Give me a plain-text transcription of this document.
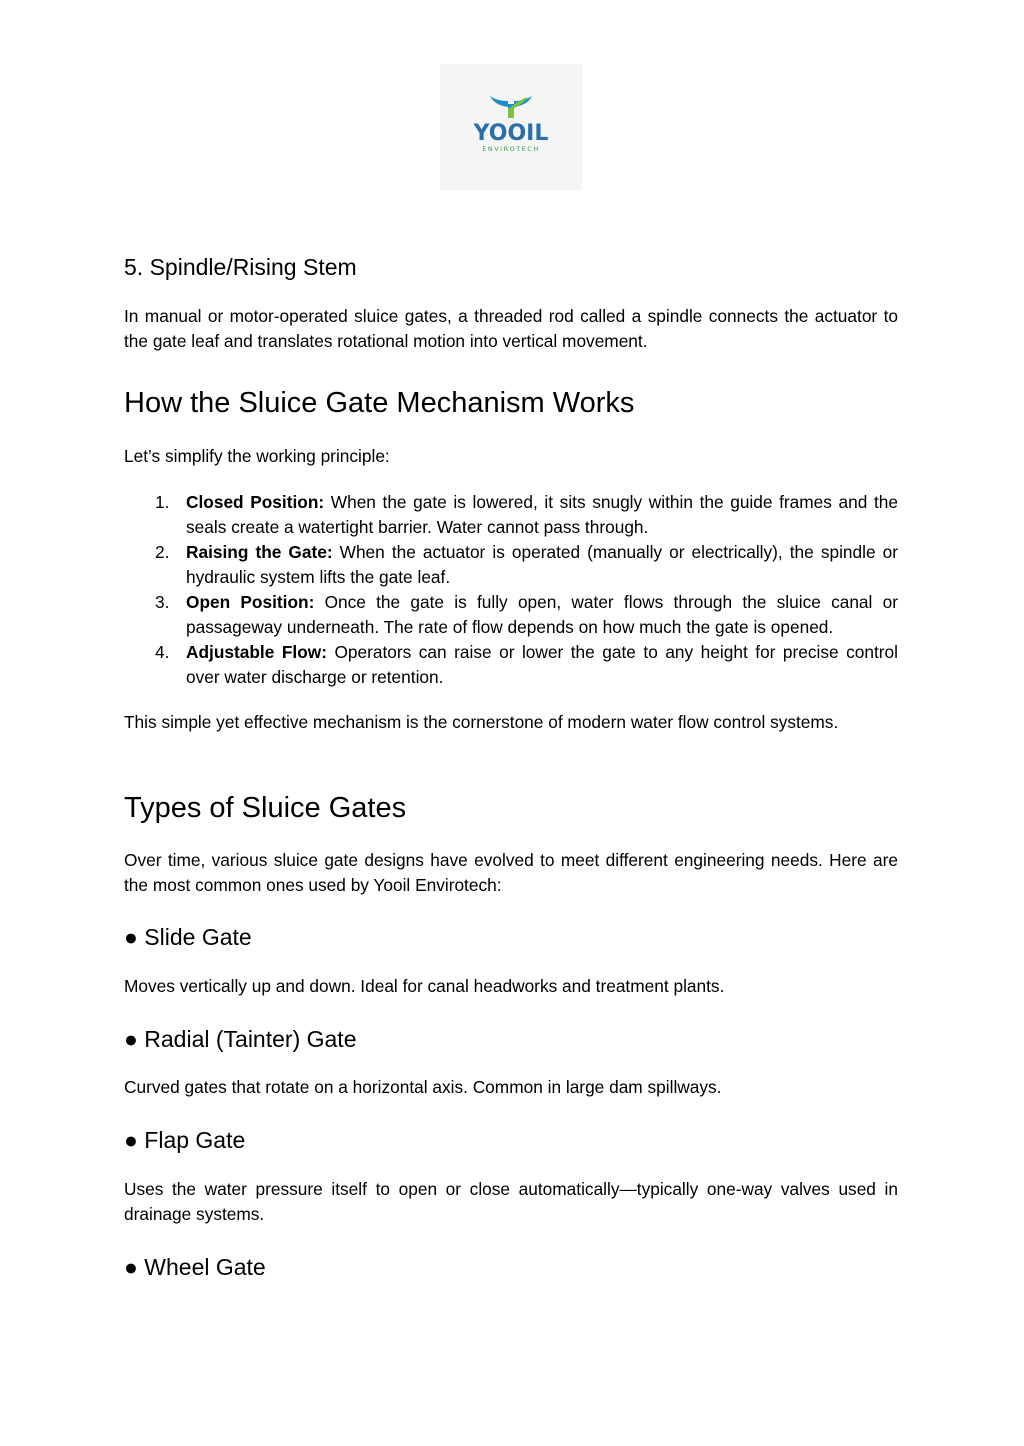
YOOIL
ENVIROTECH
5. Spindle/Rising Stem

In manual or motor-operated sluice gates, a threaded rod called a spindle connects the actuator to the gate leaf and translates rotational motion into vertical movement.

How the Sluice Gate Mechanism Works

Let’s simplify the working principle:

1. Closed Position: When the gate is lowered, it sits snugly within the guide frames and the seals create a watertight barrier. Water cannot pass through.
2. Raising the Gate: When the actuator is operated (manually or electrically), the spindle or hydraulic system lifts the gate leaf.
3. Open Position: Once the gate is fully open, water flows through the sluice canal or passageway underneath. The rate of flow depends on how much the gate is opened.
4. Adjustable Flow: Operators can raise or lower the gate to any height for precise control over water discharge or retention.

This simple yet effective mechanism is the cornerstone of modern water flow control systems.

Types of Sluice Gates

Over time, various sluice gate designs have evolved to meet different engineering needs. Here are the most common ones used by Yooil Envirotech:

● Slide Gate

Moves vertically up and down. Ideal for canal headworks and treatment plants.

● Radial (Tainter) Gate

Curved gates that rotate on a horizontal axis. Common in large dam spillways.

● Flap Gate

Uses the water pressure itself to open or close automatically—typically one-way valves used in drainage systems.

● Wheel Gate
